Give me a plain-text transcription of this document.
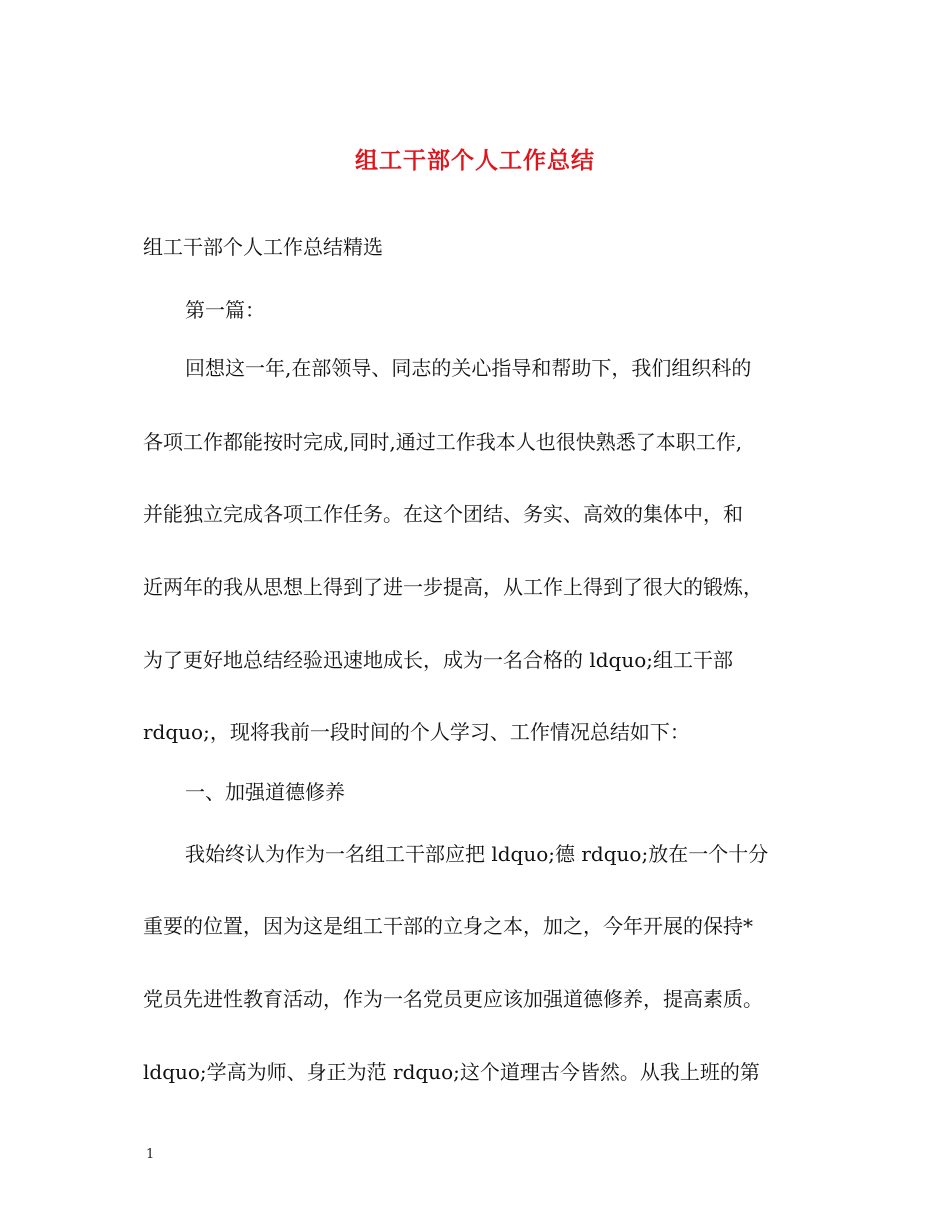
组工干部个人工作总结
组工干部个人工作总结精选
第一篇：
回想这一年,在部领导、同志的关心指导和帮助下，我们组织科的
各项工作都能按时完成,同时,通过工作我本人也很快熟悉了本职工作,
并能独立完成各项工作任务。在这个团结、务实、高效的集体中，和
近两年的我从思想上得到了进一步提高，从工作上得到了很大的锻炼，
为了更好地总结经验迅速地成长，成为一名合格的 ldquo;组工干部
rdquo;，现将我前一段时间的个人学习、工作情况总结如下：
一、加强道德修养
我始终认为作为一名组工干部应把 ldquo;德 rdquo;放在一个十分
重要的位置，因为这是组工干部的立身之本，加之，今年开展的保持*
党员先进性教育活动，作为一名党员更应该加强道德修养，提高素质。
ldquo;学高为师、身正为范 rdquo;这个道理古今皆然。从我上班的第
1
